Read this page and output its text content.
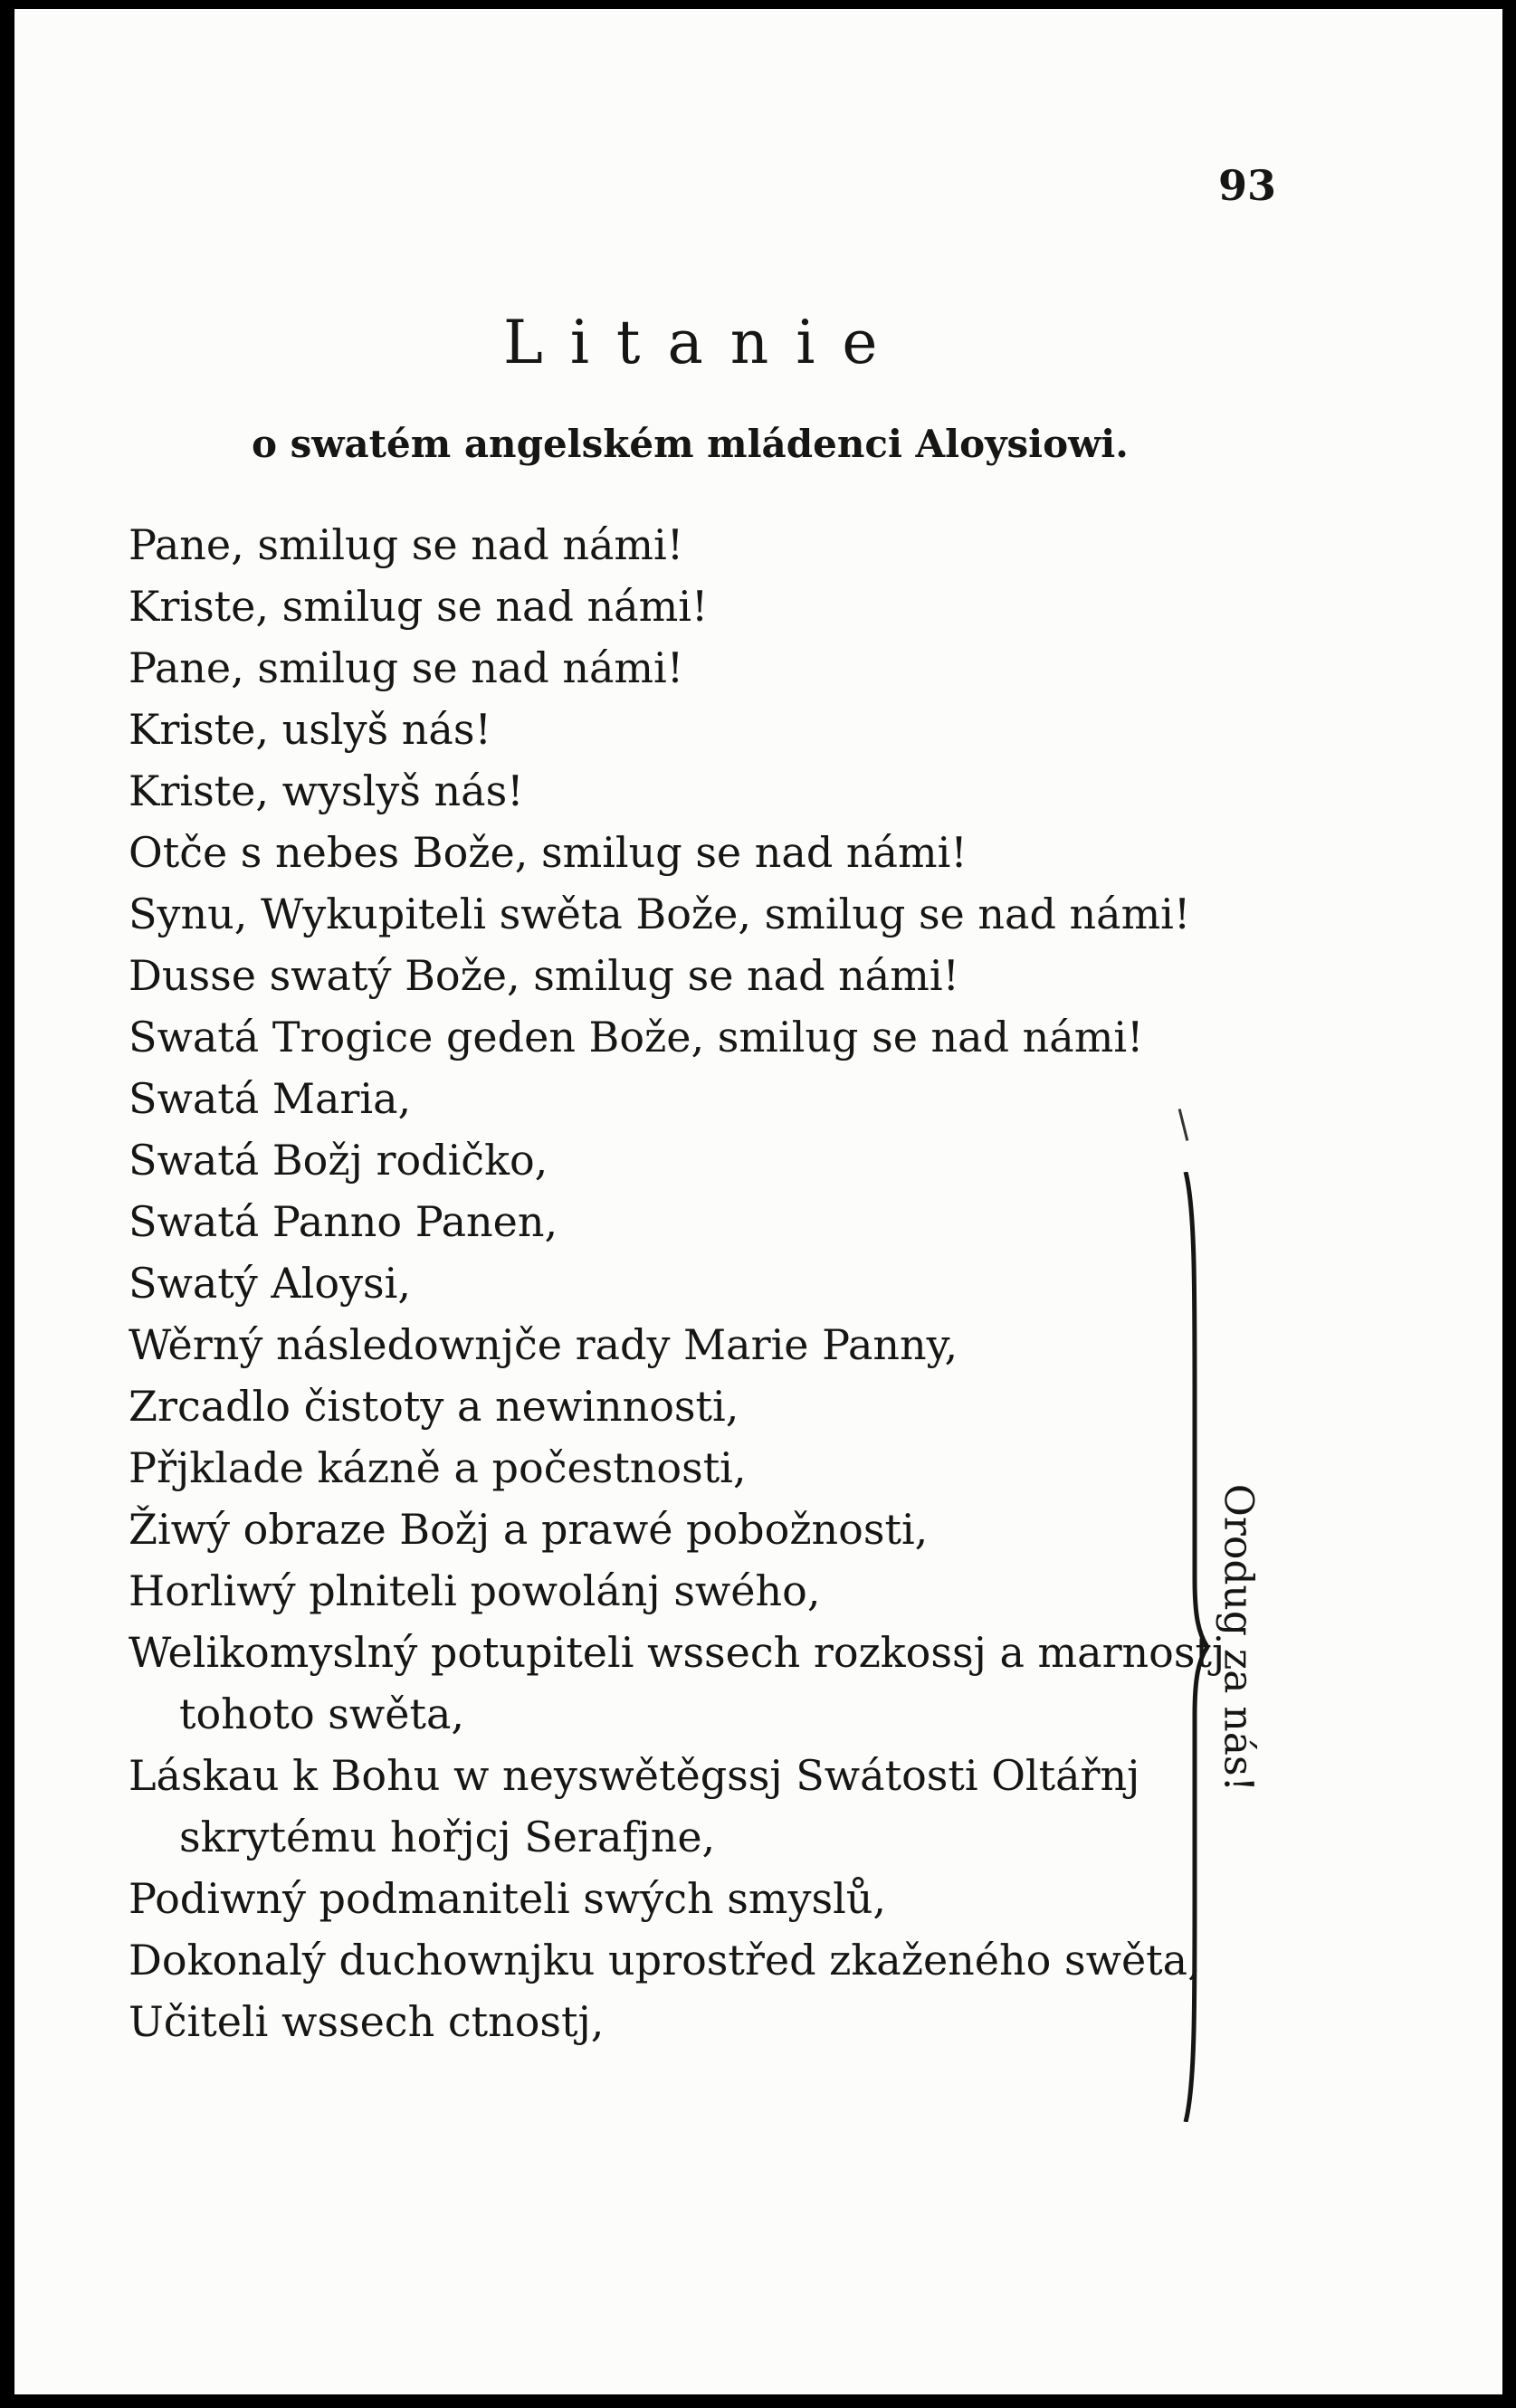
93
Litanie
o swatém angelském mládenci Aloysiowi.
Pane, smilug se nad námi!
Kriste, smilug se nad námi!
Pane, smilug se nad námi!
Kriste, uslyš nás!
Kriste, wyslyš nás!
Otče s nebes Bože, smilug se nad námi!
Synu, Wykupiteli swěta Bože, smilug se nad námi!
Dusse swatý Bože, smilug se nad námi!
Swatá Trogice geden Bože, smilug se nad námi!
Swatá Maria,
Swatá Božj rodičko,
Swatá Panno Panen,
Swatý Aloysi,
Wěrný následownjče rady Marie Panny,
Zrcadlo čistoty a newinnosti,
Přjklade kázně a počestnosti,
Žiwý obraze Božj a prawé pobožnosti,
Horliwý plniteli powolánj swého,
Welikomyslný potupiteli wssech rozkossj a marnostj
tohoto swěta,
Láskau k Bohu w neyswětěgssj Swátosti Oltářnj
skrytému hořjcj Serafjne,
Podiwný podmaniteli swých smyslů,
Dokonalý duchownjku uprostřed zkaženého swěta,
Učiteli wssech ctnostj,
Orodug za nás!
